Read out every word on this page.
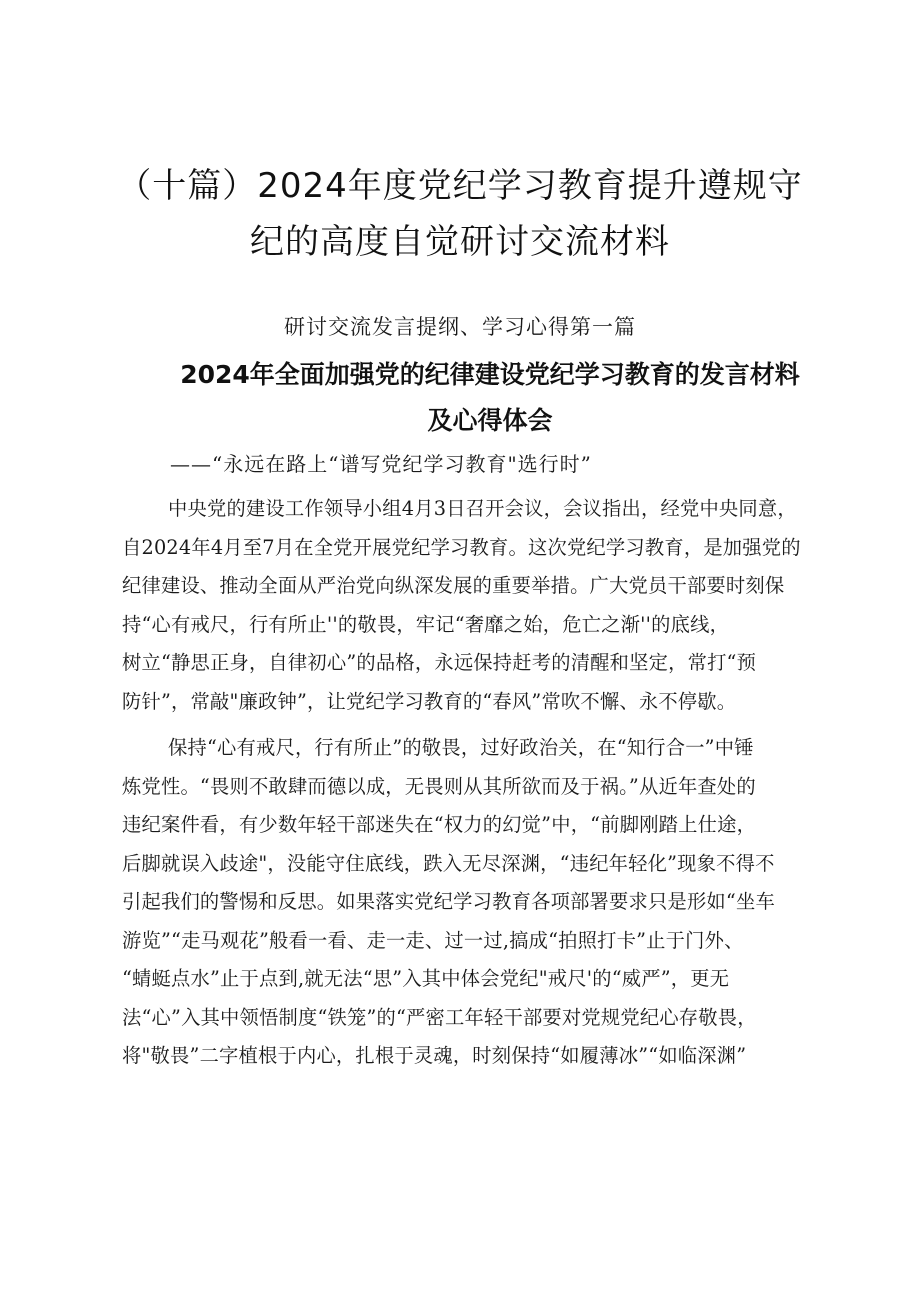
（十篇）2024年度党纪学习教育提升遵规守
纪的高度自觉研讨交流材料
研讨交流发言提纲、学习心得第一篇
2024年全面加强党的纪律建设党纪学习教育的发言材料
及心得体会
——“永远在路上“谱写党纪学习教育"选行时”
中央党的建设工作领导小组4月3日召开会议，会议指出，经党中央同意，
自2024年4月至7月在全党开展党纪学习教育。这次党纪学习教育，是加强党的
纪律建设、推动全面从严治党向纵深发展的重要举措。广大党员干部要时刻保
持“心有戒尺，行有所止''的敬畏，牢记“奢靡之始，危亡之渐''的底线，
树立“静思正身，自律初心”的品格，永远保持赶考的清醒和坚定，常打“预
防针”，常敲"廉政钟”，让党纪学习教育的“春风”常吹不懈、永不停歇。
保持“心有戒尺，行有所止”的敬畏，过好政治关，在“知行合一”中锤
炼党性。“畏则不敢肆而德以成，无畏则从其所欲而及于祸。”从近年查处的
违纪案件看，有少数年轻干部迷失在“权力的幻觉”中，“前脚刚踏上仕途，
后脚就误入歧途"，没能守住底线，跌入无尽深渊，“违纪年轻化”现象不得不
引起我们的警惕和反思。如果落实党纪学习教育各项部署要求只是形如“坐车
游览”“走马观花”般看一看、走一走、过一过,搞成“拍照打卡”止于门外、
“蜻蜓点水”止于点到,就无法“思”入其中体会党纪"戒尺'的“威严”，更无
法“心”入其中领悟制度“铁笼”的“严密工年轻干部要对党规党纪心存敬畏，
将"敬畏”二字植根于内心，扎根于灵魂，时刻保持“如履薄冰”“如临深渊”
